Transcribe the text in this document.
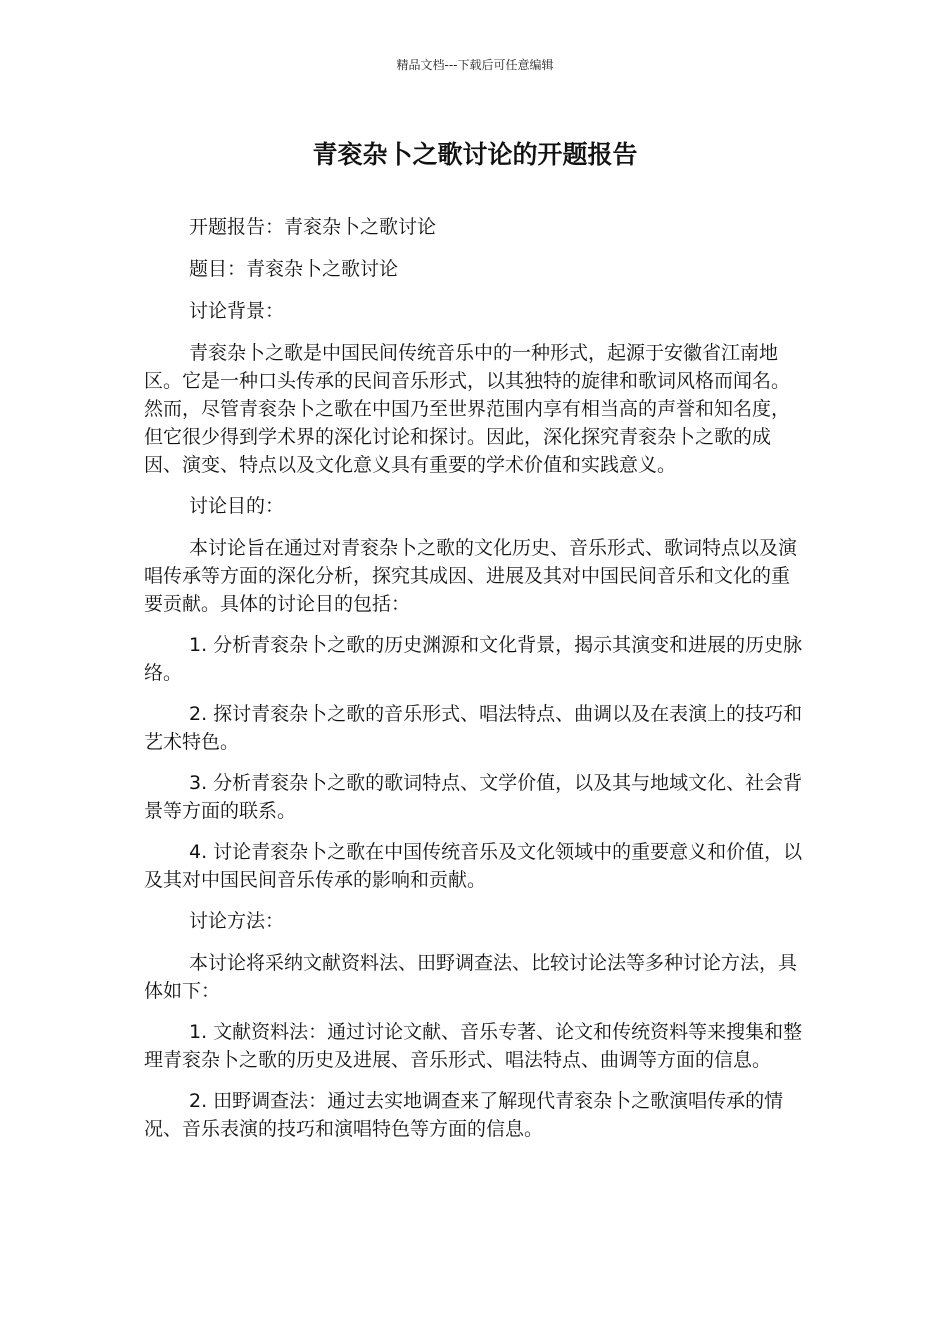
精品文档---下载后可任意编辑
青衮杂卜之歌讨论的开题报告

开题报告：青衮杂卜之歌讨论

题目：青衮杂卜之歌讨论

讨论背景：

青衮杂卜之歌是中国民间传统音乐中的一种形式，起源于安徽省江南地区。它是一种口头传承的民间音乐形式，以其独特的旋律和歌词风格而闻名。然而，尽管青衮杂卜之歌在中国乃至世界范围内享有相当高的声誉和知名度，但它很少得到学术界的深化讨论和探讨。因此，深化探究青衮杂卜之歌的成因、演变、特点以及文化意义具有重要的学术价值和实践意义。

讨论目的：

本讨论旨在通过对青衮杂卜之歌的文化历史、音乐形式、歌词特点以及演唱传承等方面的深化分析，探究其成因、进展及其对中国民间音乐和文化的重要贡献。具体的讨论目的包括：

1. 分析青衮杂卜之歌的历史渊源和文化背景，揭示其演变和进展的历史脉络。

2. 探讨青衮杂卜之歌的音乐形式、唱法特点、曲调以及在表演上的技巧和艺术特色。

3. 分析青衮杂卜之歌的歌词特点、文学价值，以及其与地域文化、社会背景等方面的联系。

4. 讨论青衮杂卜之歌在中国传统音乐及文化领域中的重要意义和价值，以及其对中国民间音乐传承的影响和贡献。

讨论方法：

本讨论将采纳文献资料法、田野调查法、比较讨论法等多种讨论方法，具体如下：

1. 文献资料法：通过讨论文献、音乐专著、论文和传统资料等来搜集和整理青衮杂卜之歌的历史及进展、音乐形式、唱法特点、曲调等方面的信息。

2. 田野调查法：通过去实地调查来了解现代青衮杂卜之歌演唱传承的情况、音乐表演的技巧和演唱特色等方面的信息。
